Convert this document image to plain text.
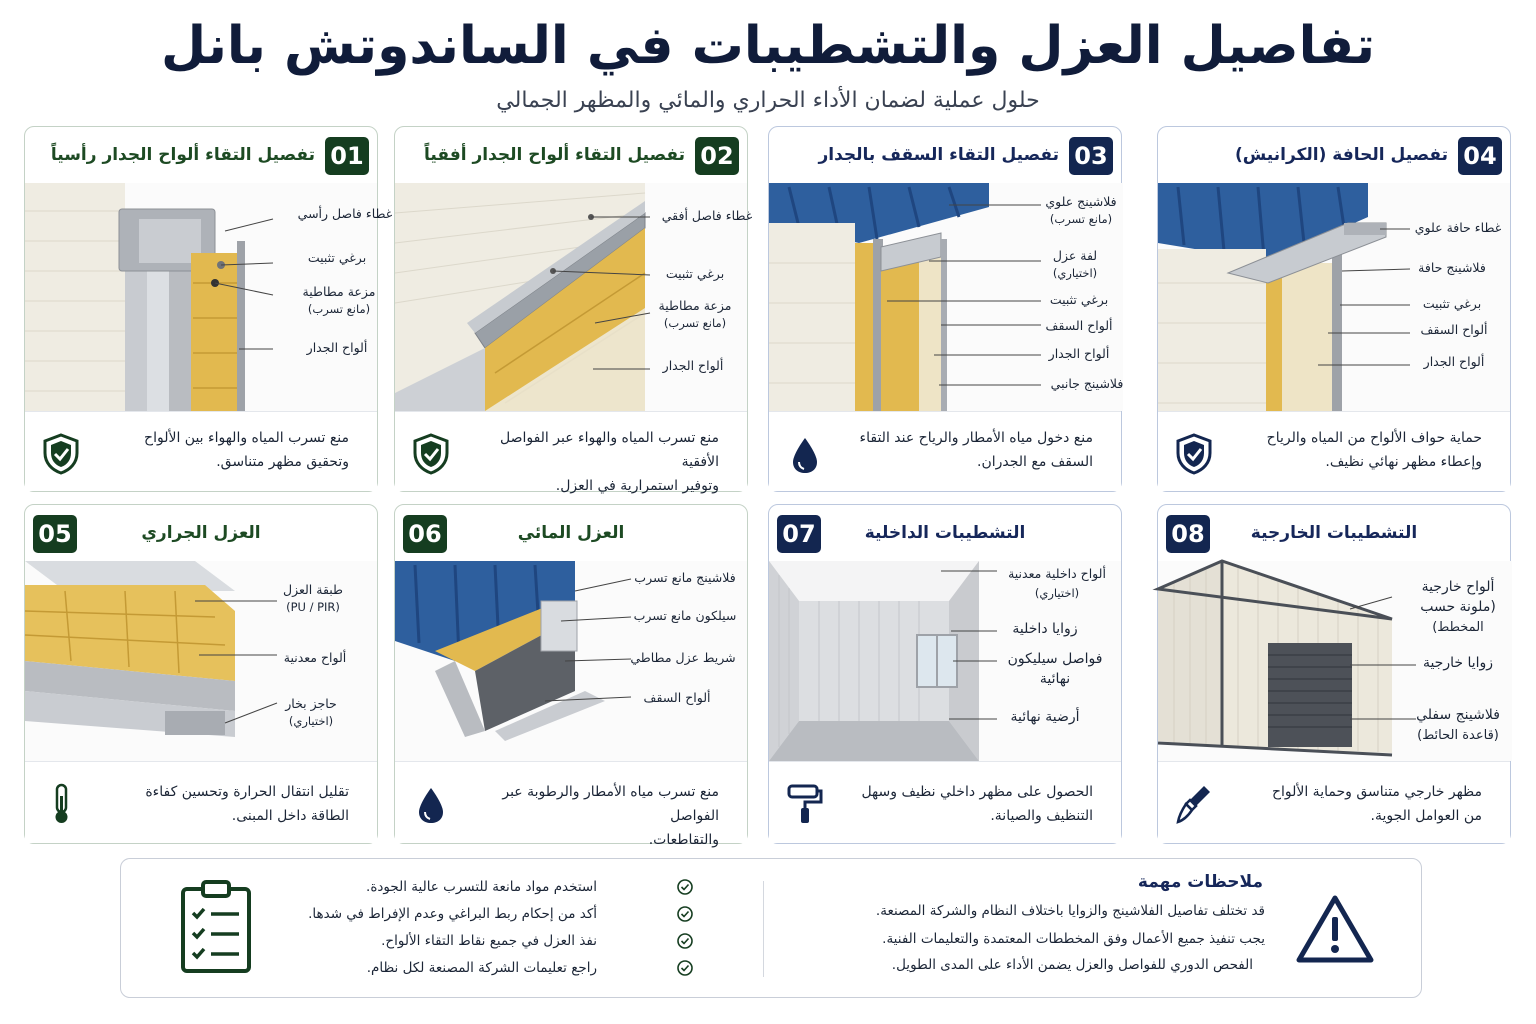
تفاصيل العزل والتشطيبات في الساندوتش بانل
حلول عملية لضمان الأداء الحراري والمائي والمظهر الجمالي
01
تفصيل التقاء ألواح الجدار رأسياً
غطاء فاصل رأسي
برغي تثبيت
مزعة مطاطية
(مانع تسرب)
ألواح الجدار
منع تسرب المياه والهواء بين الألواح
وتحقيق مظهر متناسق.
02
تفصيل التقاء ألواح الجدار أفقياً
غطاء فاصل أفقي
برغي تثبيت
مزعة مطاطية
(مانع تسرب)
ألواح الجدار
منع تسرب المياه والهواء عبر الفواصل الأفقية
وتوفير استمرارية في العزل.
03
تفصيل التقاء السقف بالجدار
فلاشينج علوي
(مانع تسرب)
لفة عزل
(اختياري)
برغي تثبيت
ألواح السقف
ألواح الجدار
فلاشينج جانبي
منع دخول مياه الأمطار والرياح عند التقاء
السقف مع الجدران.
04
تفصيل الحافة (الكرانيش)
غطاء حافة علوي
فلاشينج حافة
برغي تثبيت
ألواح السقف
ألواح الجدار
حماية حواف الألواح من المياه والرياح
وإعطاء مظهر نهائي نظيف.
05	العزل الجراري
طبقة العزل
(PU / PIR)
ألواح معدنية
حاجز بخار
(اختياري)
تقليل انتقال الحرارة وتحسين كفاءة
الطاقة داخل المبنى.
06	العزل المائي
فلاشينج مانع تسرب
سيلكون مانع تسرب
شريط عزل مطاطي
ألواح السقف
منع تسرب مياه الأمطار والرطوبة عبر الفواصل
والتقاطعات.
07	التشطيبات الداخلية
ألواح داخلية معدنية
(اختياري)
زوايا داخلية
فواصل سيليكون
نهائية
أرضية نهائية
الحصول على مظهر داخلي نظيف وسهل
التنظيف والصيانة.
08	التشطيبات الخارجية
ألواح خارجية
(ملونة حسب
المخطط)
زوايا خارجية
فلاشينج سفلي
(قاعدة الحائط)
مظهر خارجي متناسق وحماية الألواح
من العوامل الجوية.
ملاحظات مهمة
قد تختلف تفاصيل الفلاشينج والزوايا باختلاف النظام والشركة المصنعة.
يجب تنفيذ جميع الأعمال وفق المخططات المعتمدة والتعليمات الفنية.
الفحص الدوري للفواصل والعزل يضمن الأداء على المدى الطويل.
استخدم مواد مانعة للتسرب عالية الجودة.
أكد من إحكام ربط البراغي وعدم الإفراط في شدها.
نفذ العزل في جميع نقاط التقاء الألواح.
راجع تعليمات الشركة المصنعة لكل نظام.
